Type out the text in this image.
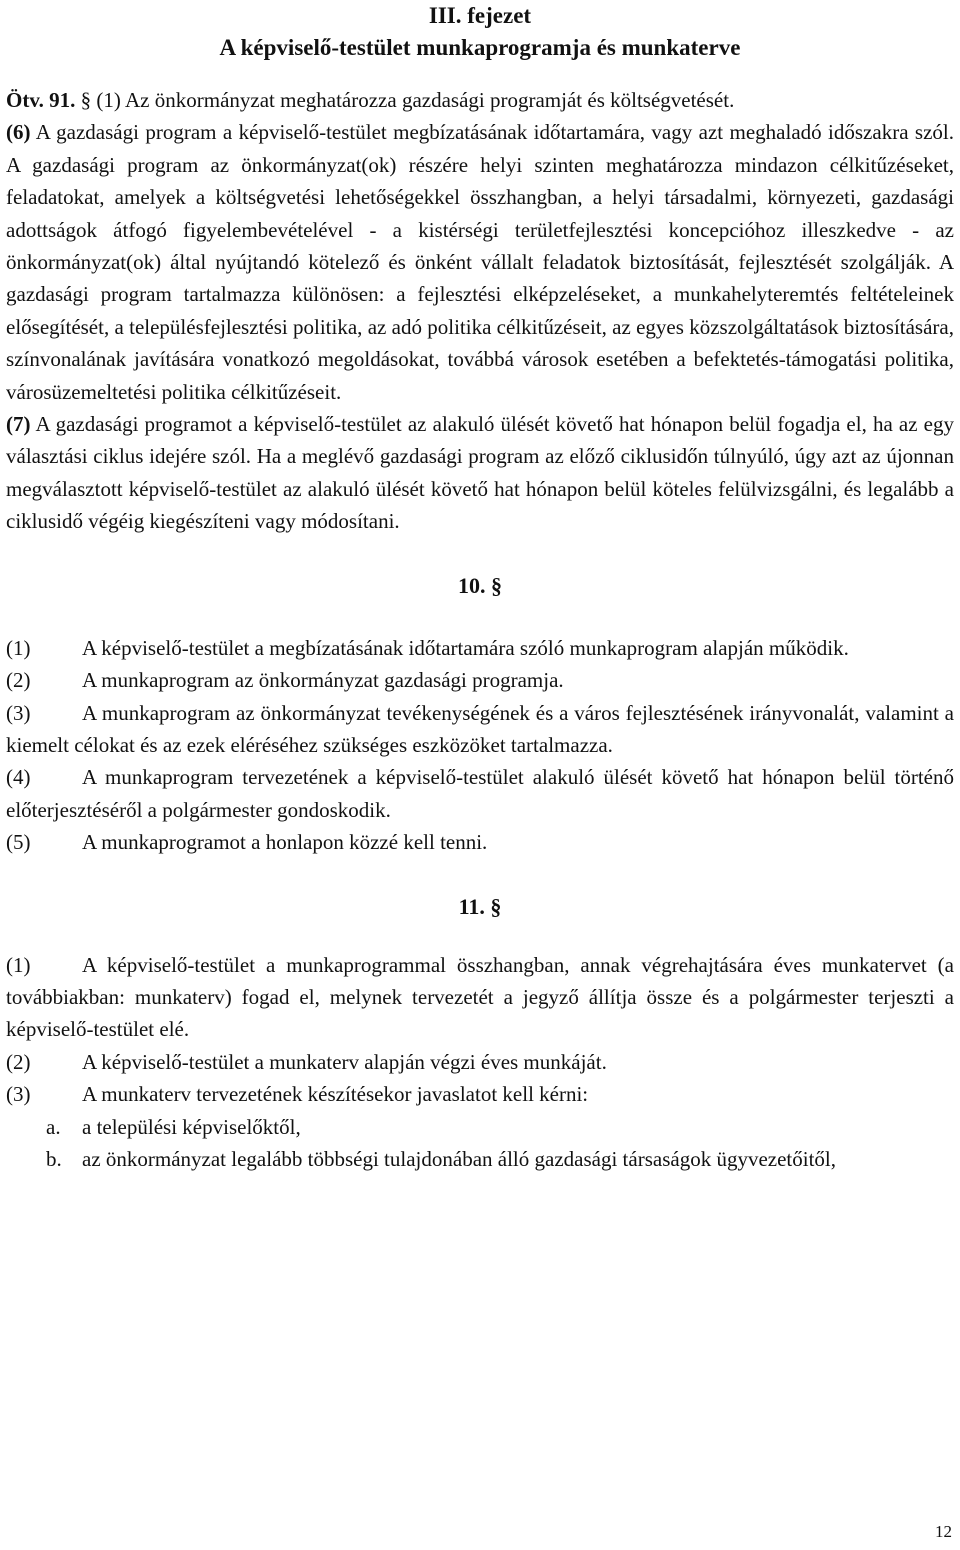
III. fejezet

A képviselő-testület munkaprogramja és munkaterve

Ötv. 91. § (1) Az önkormányzat meghatározza gazdasági programját és költségvetését.

(6) A gazdasági program a képviselő-testület megbízatásának időtartamára, vagy azt meghaladó időszakra szól. A gazdasági program az önkormányzat(ok) részére helyi szinten meghatározza mindazon célkitűzéseket, feladatokat, amelyek a költségvetési lehetőségekkel összhangban, a helyi társadalmi, környezeti, gazdasági adottságok átfogó figyelembevételével - a kistérségi területfejlesztési koncepcióhoz illeszkedve - az önkormányzat(ok) által nyújtandó kötelező és önként vállalt feladatok biztosítását, fejlesztését szolgálják. A gazdasági program tartalmazza különösen: a fejlesztési elképzeléseket, a munkahelyteremtés feltételeinek elősegítését, a településfejlesztési politika, az adó politika célkitűzéseit, az egyes közszolgáltatások biztosítására, színvonalának javítására vonatkozó megoldásokat, továbbá városok esetében a befektetés-támogatási politika, városüzemeltetési politika célkitűzéseit.

(7) A gazdasági programot a képviselő-testület az alakuló ülését követő hat hónapon belül fogadja el, ha az egy választási ciklus idejére szól. Ha a meglévő gazdasági program az előző ciklusidőn túlnyúló, úgy azt az újonnan megválasztott képviselő-testület az alakuló ülését követő hat hónapon belül köteles felülvizsgálni, és legalább a ciklusidő végéig kiegészíteni vagy módosítani.

10. §

(1) A képviselő-testület a megbízatásának időtartamára szóló munkaprogram alapján működik.

(2) A munkaprogram az önkormányzat gazdasági programja.

(3) A munkaprogram az önkormányzat tevékenységének és a város fejlesztésének irányvonalát, valamint a kiemelt célokat és az ezek eléréséhez szükséges eszközöket tartalmazza.

(4) A munkaprogram tervezetének a képviselő-testület alakuló ülését követő hat hónapon belül történő előterjesztéséről a polgármester gondoskodik.

(5) A munkaprogramot a honlapon közzé kell tenni.

11. §

(1) A képviselő-testület a munkaprogrammal összhangban, annak végrehajtására éves munkatervet (a továbbiakban: munkaterv) fogad el, melynek tervezetét a jegyző állítja össze és a polgármester terjeszti a képviselő-testület elé.

(2) A képviselő-testület a munkaterv alapján végzi éves munkáját.

(3) A munkaterv tervezetének készítésekor javaslatot kell kérni:

a. a települési képviselőktől,

b. az önkormányzat legalább többségi tulajdonában álló gazdasági társaságok ügyvezetőitől,

12
